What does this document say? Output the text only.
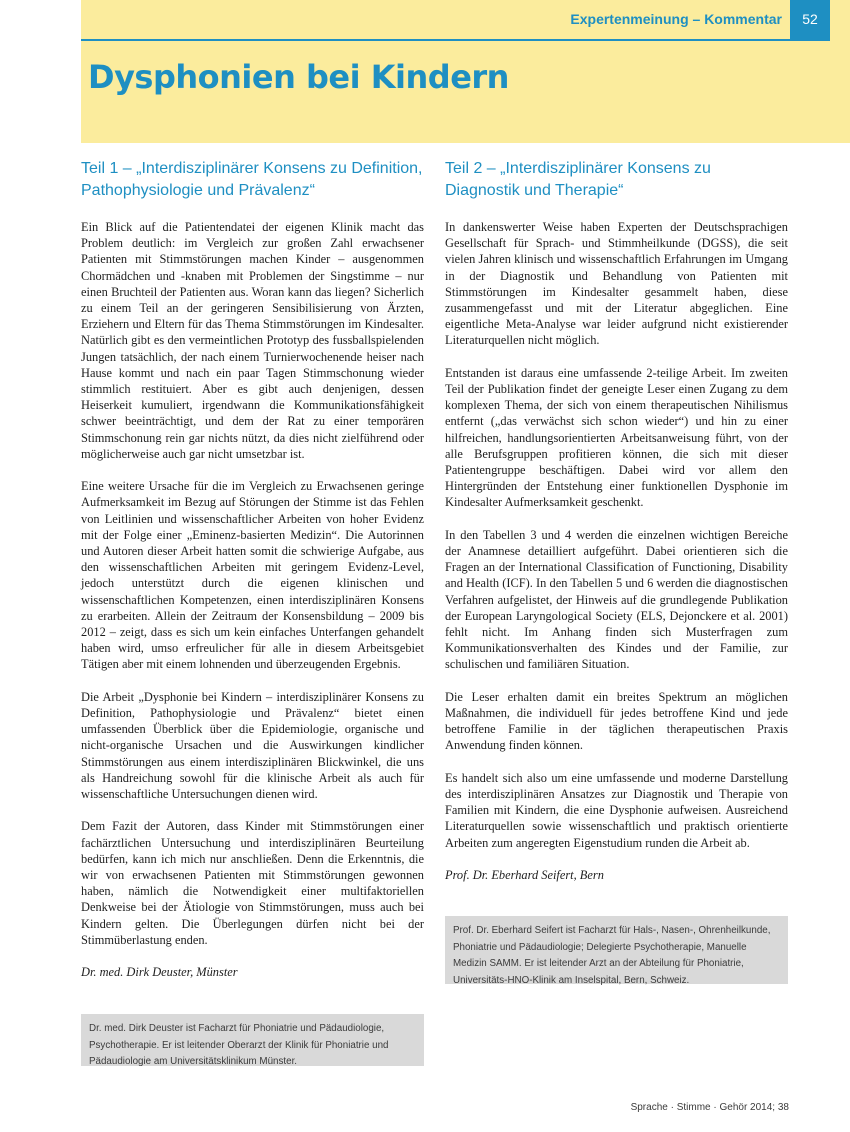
Expertenmeinung – Kommentar	52
Dysphonien bei Kindern
Teil 1 – „Interdisziplinärer Konsens zu Definition, Pathophysiologie und Prävalenz“

Ein Blick auf die Patientendatei der eigenen Klinik macht das Problem deutlich: im Vergleich zur großen Zahl erwachsener Patienten mit Stimmstörungen machen Kinder – ausgenommen Chormädchen und -knaben mit Problemen der Singstimme – nur einen Bruchteil der Patienten aus. Woran kann das liegen? Sicherlich zu einem Teil an der geringeren Sensibilisierung von Ärzten, Erziehern und Eltern für das Thema Stimmstörungen im Kindesalter. Natürlich gibt es den vermeintlichen Prototyp des fussballspielenden Jungen tatsächlich, der nach einem Turnierwochenende heiser nach Hause kommt und nach ein paar Tagen Stimmschonung wieder stimmlich restituiert. Aber es gibt auch denjenigen, dessen Heiserkeit kumuliert, irgendwann die Kommunikationsfähigkeit schwer beeinträchtigt, und dem der Rat zu einer temporären Stimmschonung rein gar nichts nützt, da dies nicht zielführend oder möglicherweise auch gar nicht umsetzbar ist.

Eine weitere Ursache für die im Vergleich zu Erwachsenen geringe Aufmerksamkeit im Bezug auf Störungen der Stimme ist das Fehlen von Leitlinien und wissenschaftlicher Arbeiten von hoher Evidenz mit der Folge einer „Eminenz-basierten Medizin“. Die Autorinnen und Autoren dieser Arbeit hatten somit die schwierige Aufgabe, aus den wissenschaftlichen Arbeiten mit geringem Evidenz-Level, jedoch unterstützt durch die eigenen klinischen und wissenschaftlichen Kompetenzen, einen interdisziplinären Konsens zu erarbeiten. Allein der Zeitraum der Konsensbildung – 2009 bis 2012 – zeigt, dass es sich um kein einfaches Unterfangen gehandelt haben wird, umso erfreulicher für alle in diesem Arbeitsgebiet Tätigen aber mit einem lohnenden und überzeugenden Ergebnis.

Die Arbeit „Dysphonie bei Kindern – interdisziplinärer Konsens zu Definition, Pathophysiologie und Prävalenz“ bietet einen umfassenden Überblick über die Epidemiologie, organische und nicht-organische Ursachen und die Auswirkungen kindlicher Stimmstörungen aus einem interdisziplinären Blickwinkel, die uns als Handreichung sowohl für die klinische Arbeit als auch für wissenschaftliche Untersuchungen dienen wird.

Dem Fazit der Autoren, dass Kinder mit Stimmstörungen einer fachärztlichen Untersuchung und interdisziplinären Beurteilung bedürfen, kann ich mich nur anschließen. Denn die Erkenntnis, die wir von erwachsenen Patienten mit Stimmstörungen gewonnen haben, nämlich die Notwendigkeit einer multifaktoriellen Denkweise bei der Ätiologie von Stimmstörungen, muss auch bei Kindern gelten. Die Überlegungen dürfen nicht bei der Stimmüberlastung enden.

Dr. med. Dirk Deuster, Münster

Teil 2 – „Interdisziplinärer Konsens zu Diagnostik und Therapie“

In dankenswerter Weise haben Experten der Deutschsprachigen Gesellschaft für Sprach- und Stimmheilkunde (DGSS), die seit vielen Jahren klinisch und wissenschaftlich Erfahrungen im Umgang in der Diagnostik und Behandlung von Patienten mit Stimmstörungen im Kindesalter gesammelt haben, diese zusammengefasst und mit der Literatur abgeglichen. Eine eigentliche Meta-Analyse war leider aufgrund nicht existierender Literaturquellen nicht möglich.

Entstanden ist daraus eine umfassende 2-teilige Arbeit. Im zweiten Teil der Publikation findet der geneigte Leser einen Zugang zu dem komplexen Thema, der sich von einem therapeutischen Nihilismus entfernt („das verwächst sich schon wieder“) und hin zu einer hilfreichen, handlungsorientierten Arbeitsanweisung führt, von der alle Berufsgruppen profitieren können, die sich mit dieser Patientengruppe beschäftigen. Dabei wird vor allem den Hintergründen der Entstehung einer funktionellen Dysphonie im Kindesalter Aufmerksamkeit geschenkt.

In den Tabellen 3 und 4 werden die einzelnen wichtigen Bereiche der Anamnese detailliert aufgeführt. Dabei orientieren sich die Fragen an der International Classification of Functioning, Disability and Health (ICF). In den Tabellen 5 und 6 werden die diagnostischen Verfahren aufgelistet, der Hinweis auf die grundlegende Publikation der European Laryngological Society (ELS, Dejonckere et al. 2001) fehlt nicht. Im Anhang finden sich Musterfragen zum Kommunikationsverhalten des Kindes und der Familie, zur schulischen und familiären Situation.

Die Leser erhalten damit ein breites Spektrum an möglichen Maßnahmen, die individuell für jedes betroffene Kind und jede betroffene Familie in der täglichen therapeutischen Praxis Anwendung finden können.

Es handelt sich also um eine umfassende und moderne Darstellung des interdisziplinären Ansatzes zur Diagnostik und Therapie von Familien mit Kindern, die eine Dysphonie aufweisen. Ausreichend Literaturquellen sowie wissenschaftlich und praktisch orientierte Arbeiten zum angeregten Eigenstudium runden die Arbeit ab.

Prof. Dr. Eberhard Seifert, Bern

Dr. med. Dirk Deuster ist Facharzt für Phoniatrie und Pädaudiologie, Psychotherapie. Er ist leitender Oberarzt der Klinik für Phoniatrie und Pädaudiologie am Universitätsklinikum Münster.
Prof. Dr. Eberhard Seifert ist Facharzt für Hals-, Nasen-, Ohrenheilkunde, Phoniatrie und Pädaudiologie; Delegierte Psychotherapie, Manuelle Medizin SAMM. Er ist leitender Arzt an der Abteilung für Phoniatrie, Universitäts-HNO-Klinik am Inselspital, Bern, Schweiz.
Sprache · Stimme · Gehör 2014; 38
